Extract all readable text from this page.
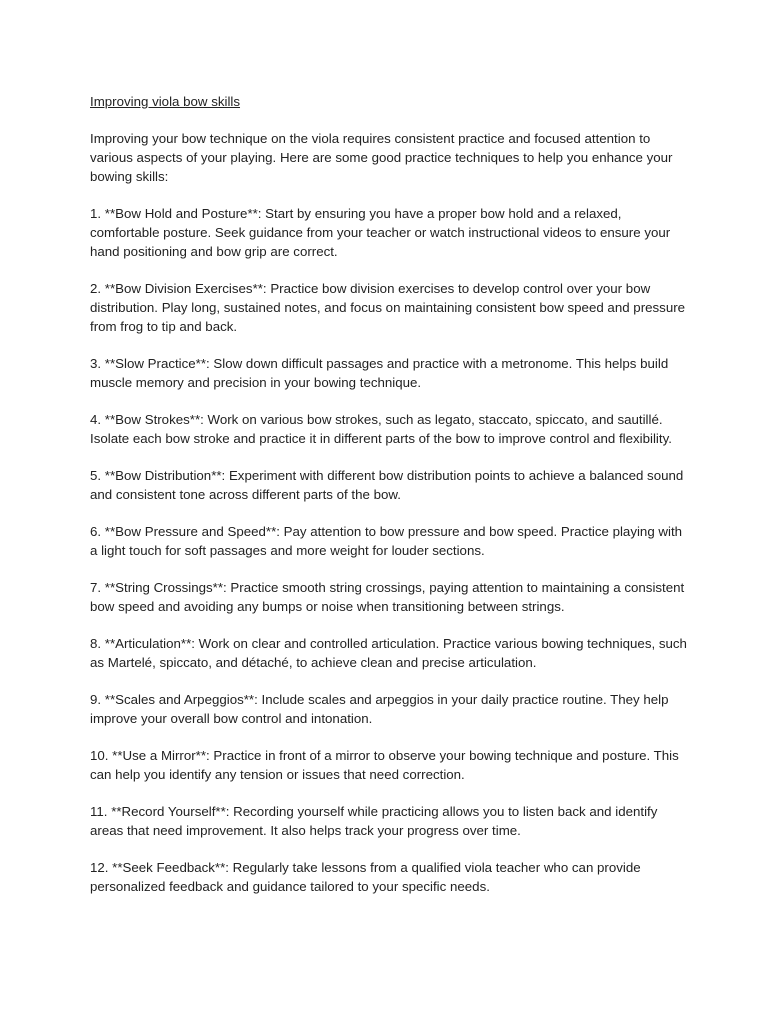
Improving viola bow skills
Improving your bow technique on the viola requires consistent practice and focused attention to various aspects of your playing. Here are some good practice techniques to help you enhance your bowing skills:
1. **Bow Hold and Posture**: Start by ensuring you have a proper bow hold and a relaxed, comfortable posture. Seek guidance from your teacher or watch instructional videos to ensure your hand positioning and bow grip are correct.
2. **Bow Division Exercises**: Practice bow division exercises to develop control over your bow distribution. Play long, sustained notes, and focus on maintaining consistent bow speed and pressure from frog to tip and back.
3. **Slow Practice**: Slow down difficult passages and practice with a metronome. This helps build muscle memory and precision in your bowing technique.
4. **Bow Strokes**: Work on various bow strokes, such as legato, staccato, spiccato, and sautillé. Isolate each bow stroke and practice it in different parts of the bow to improve control and flexibility.
5. **Bow Distribution**: Experiment with different bow distribution points to achieve a balanced sound and consistent tone across different parts of the bow.
6. **Bow Pressure and Speed**: Pay attention to bow pressure and bow speed. Practice playing with a light touch for soft passages and more weight for louder sections.
7. **String Crossings**: Practice smooth string crossings, paying attention to maintaining a consistent bow speed and avoiding any bumps or noise when transitioning between strings.
8. **Articulation**: Work on clear and controlled articulation. Practice various bowing techniques, such as Martelé, spiccato, and détaché, to achieve clean and precise articulation.
9. **Scales and Arpeggios**: Include scales and arpeggios in your daily practice routine. They help improve your overall bow control and intonation.
10. **Use a Mirror**: Practice in front of a mirror to observe your bowing technique and posture. This can help you identify any tension or issues that need correction.
11. **Record Yourself**: Recording yourself while practicing allows you to listen back and identify areas that need improvement. It also helps track your progress over time.
12. **Seek Feedback**: Regularly take lessons from a qualified viola teacher who can provide personalized feedback and guidance tailored to your specific needs.
